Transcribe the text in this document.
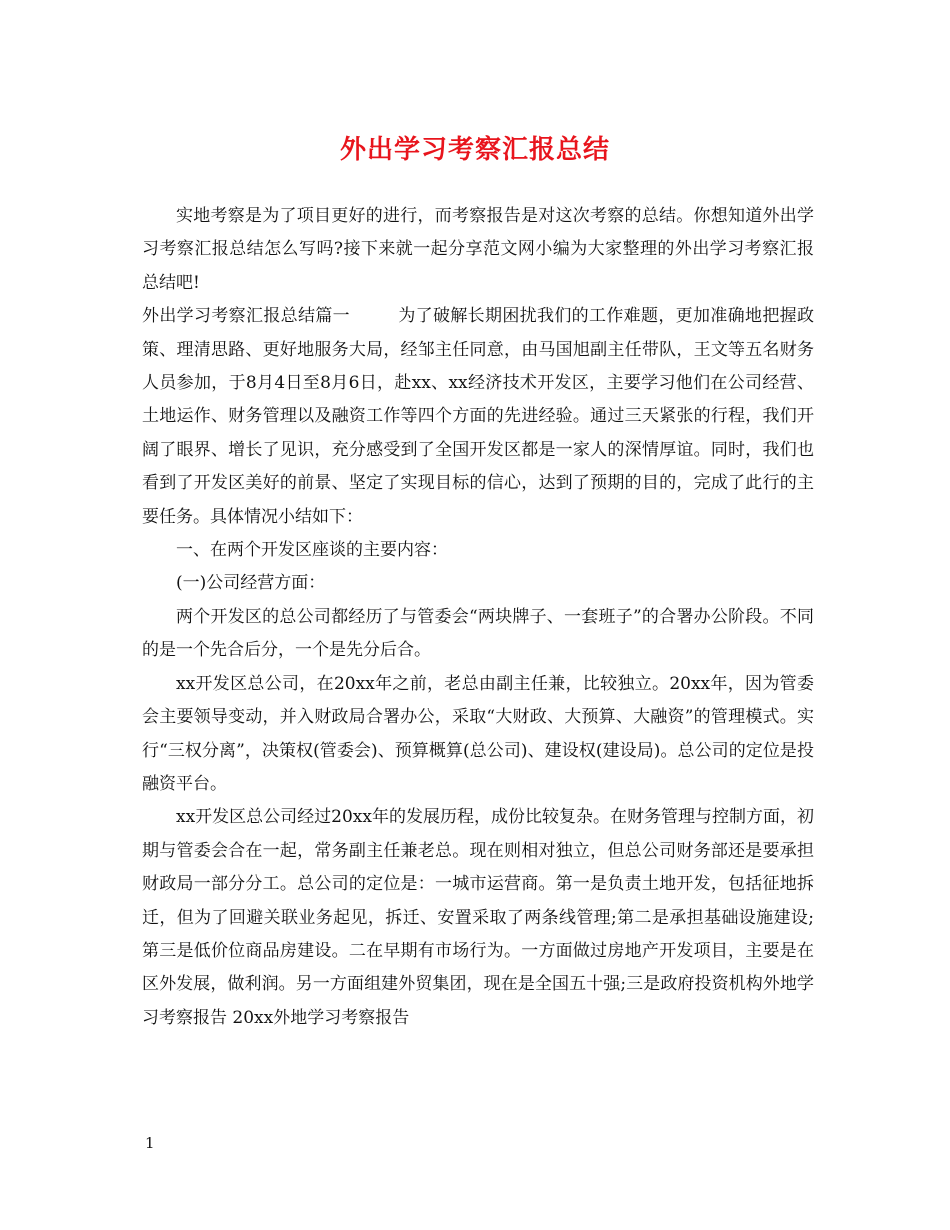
外出学习考察汇报总结

实地考察是为了项目更好的进行，而考察报告是对这次考察的总结。你想知道外出学习考察汇报总结怎么写吗?接下来就一起分享范文网小编为大家整理的外出学习考察汇报总结吧!

外出学习考察汇报总结篇一	为了破解长期困扰我们的工作难题，更加准确地把握政策、理清思路、更好地服务大局，经邹主任同意，由马国旭副主任带队，王文等五名财务人员参加，于8月4日至8月6日，赴xx、xx经济技术开发区，主要学习他们在公司经营、土地运作、财务管理以及融资工作等四个方面的先进经验。通过三天紧张的行程，我们开阔了眼界、增长了见识，充分感受到了全国开发区都是一家人的深情厚谊。同时，我们也看到了开发区美好的前景、坚定了实现目标的信心，达到了预期的目的，完成了此行的主要任务。具体情况小结如下：

一、在两个开发区座谈的主要内容：

(一)公司经营方面：

两个开发区的总公司都经历了与管委会“两块牌子、一套班子”的合署办公阶段。不同的是一个先合后分，一个是先分后合。

xx开发区总公司，在20xx年之前，老总由副主任兼，比较独立。20xx年，因为管委会主要领导变动，并入财政局合署办公，采取“大财政、大预算、大融资”的管理模式。实行“三权分离”，决策权(管委会)、预算概算(总公司)、建设权(建设局)。总公司的定位是投融资平台。

xx开发区总公司经过20xx年的发展历程，成份比较复杂。在财务管理与控制方面，初期与管委会合在一起，常务副主任兼老总。现在则相对独立，但总公司财务部还是要承担财政局一部分分工。总公司的定位是：一城市运营商。第一是负责土地开发，包括征地拆迁，但为了回避关联业务起见，拆迁、安置采取了两条线管理;第二是承担基础设施建设;第三是低价位商品房建设。二在早期有市场行为。一方面做过房地产开发项目，主要是在区外发展，做利润。另一方面组建外贸集团，现在是全国五十强;三是政府投资机构外地学习考察报告 20xx外地学习考察报告

1
